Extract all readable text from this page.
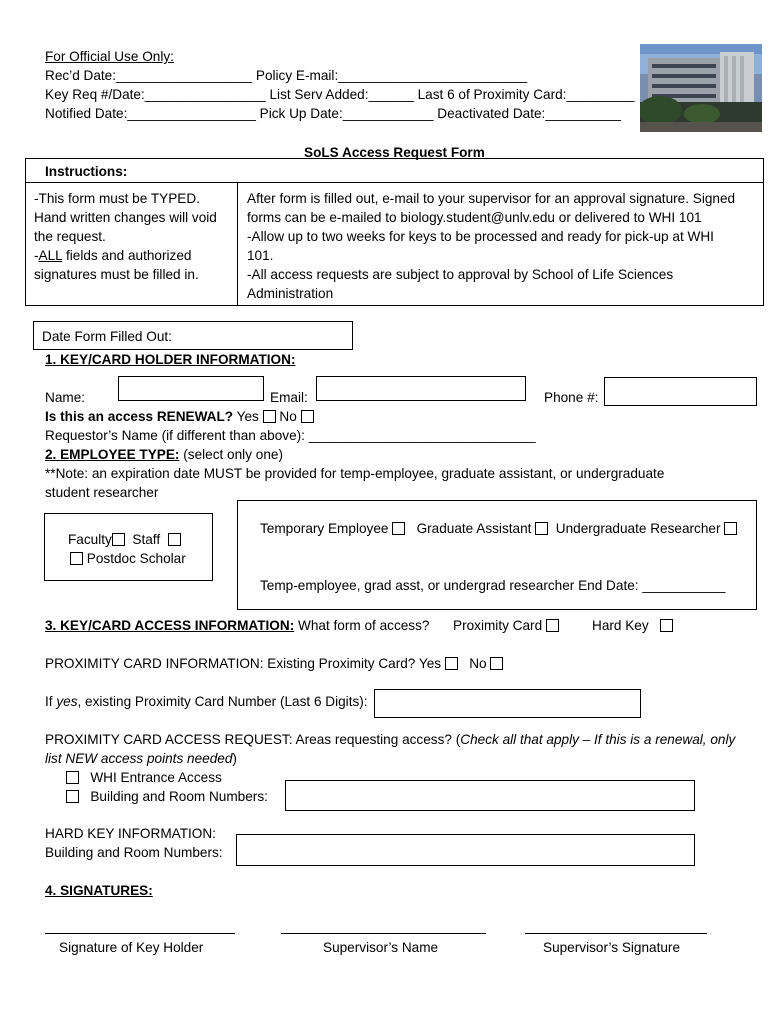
For Official Use Only:
Rec’d Date:__________________ Policy E-mail:_________________________
Key Req #/Date:________________ List Serv Added:______ Last 6 of Proximity Card:_________
Notified Date:_________________ Pick Up Date:____________ Deactivated Date:__________
SoLS Access Request Form
Instructions:
-This form must be TYPED.
Hand written changes will void
the request.
-ALL fields and authorized
signatures must be filled in.
After form is filled out, e-mail to your supervisor for an approval signature. Signed
forms can be e-mailed to biology.student@unlv.edu or delivered to WHI 101
-Allow up to two weeks for keys to be processed and ready for pick-up at WHI
101.
-All access requests are subject to approval by School of Life Sciences
Administration
Date Form Filled Out:
1. KEY/CARD HOLDER INFORMATION:
Name:	Email:	Phone #:
Is this an access RENEWAL? Yes No
Requestor’s Name (if different than above): ______________________________
2. EMPLOYEE TYPE: (select only one)
**Note: an expiration date MUST be provided for temp-employee, graduate assistant, or undergraduate
student researcher
Faculty Staff
Postdoc Scholar
Temporary Employee Graduate Assistant Undergraduate Researcher
Temp-employee, grad asst, or undergrad researcher End Date: ___________
3. KEY/CARD ACCESS INFORMATION: What form of access? Proximity Card	Hard Key
PROXIMITY CARD INFORMATION: Existing Proximity Card? Yes No
If yes, existing Proximity Card Number (Last 6 Digits):
PROXIMITY CARD ACCESS REQUEST: Areas requesting access? (Check all that apply – If this is a renewal, only
list NEW access points needed)
WHI Entrance Access
Building and Room Numbers:
HARD KEY INFORMATION:
Building and Room Numbers:
4. SIGNATURES:
Signature of Key Holder	Supervisor’s Name	Supervisor’s Signature
